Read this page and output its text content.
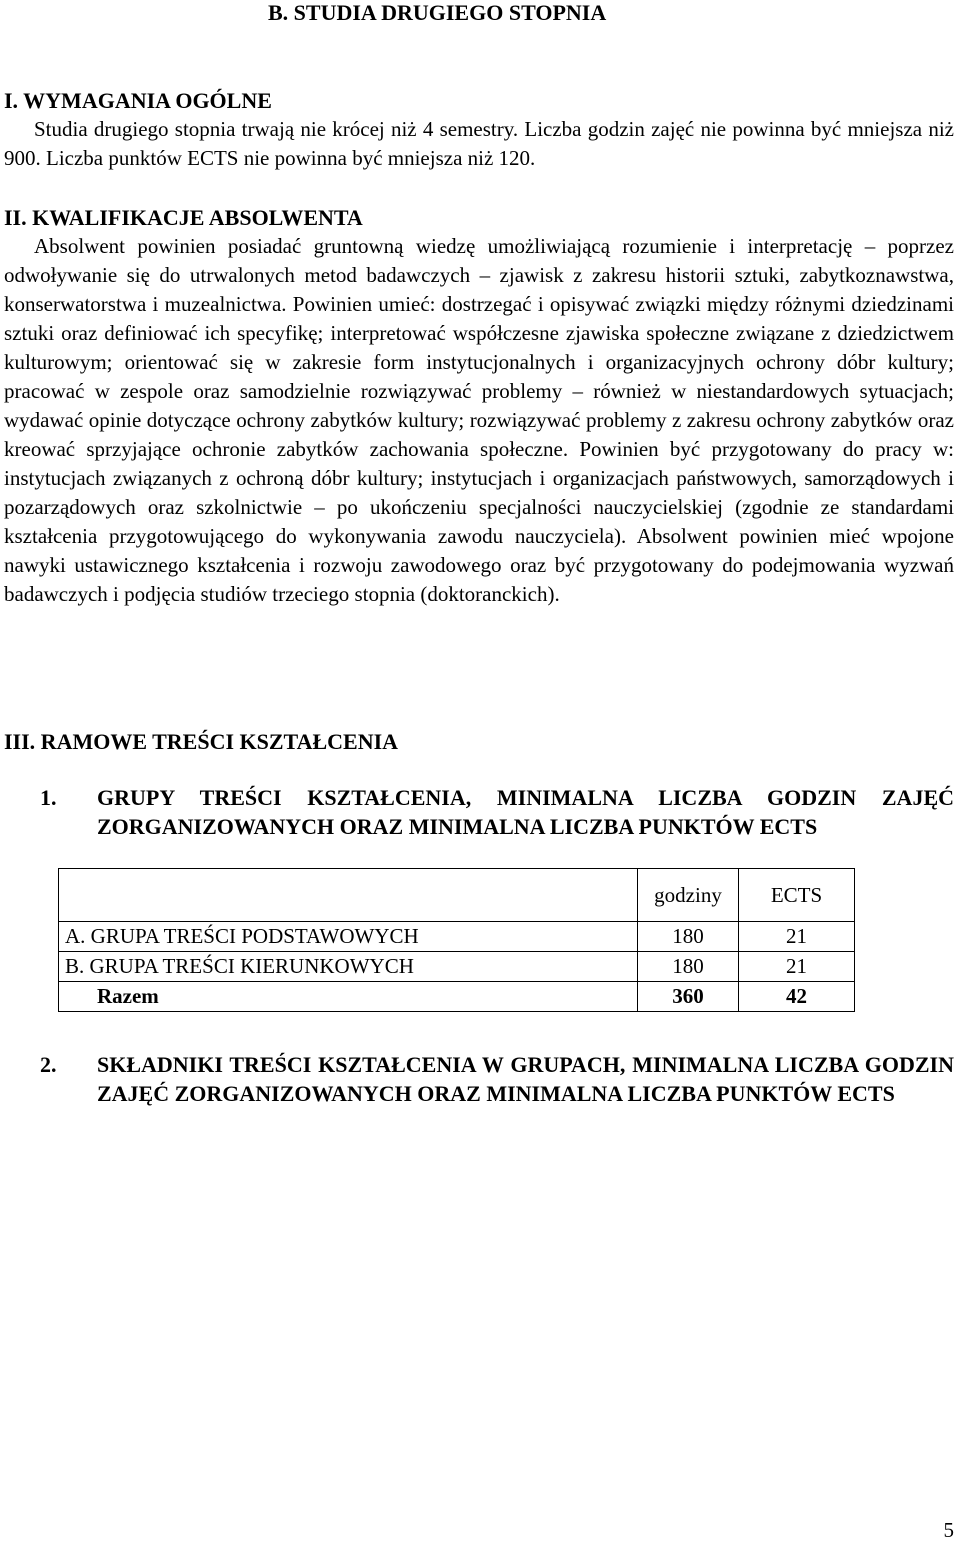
B. STUDIA DRUGIEGO STOPNIA
I. WYMAGANIA OGÓLNE
Studia drugiego stopnia trwają nie krócej niż 4 semestry. Liczba godzin zajęć nie powinna być mniejsza niż 900. Liczba punktów ECTS nie powinna być mniejsza niż 120.
II. KWALIFIKACJE ABSOLWENTA
Absolwent powinien posiadać gruntowną wiedzę umożliwiającą rozumienie i interpretację – poprzez odwoływanie się do utrwalonych metod badawczych – zjawisk z zakresu historii sztuki, zabytkoznawstwa, konserwatorstwa i muzealnictwa. Powinien umieć: dostrzegać i opisywać związki między różnymi dziedzinami sztuki oraz definiować ich specyfikę; interpretować współczesne zjawiska społeczne związane z dziedzictwem kulturowym; orientować się w zakresie form instytucjonalnych i organizacyjnych ochrony dóbr kultury; pracować w zespole oraz samodzielnie rozwiązywać problemy – również w niestandardowych sytuacjach; wydawać opinie dotyczące ochrony zabytków kultury; rozwiązywać problemy z zakresu ochrony zabytków oraz kreować sprzyjające ochronie zabytków zachowania społeczne. Powinien być przygotowany do pracy w: instytucjach związanych z ochroną dóbr kultury; instytucjach i organizacjach państwowych, samorządowych i pozarządowych oraz szkolnictwie – po ukończeniu specjalności nauczycielskiej (zgodnie ze standardami kształcenia przygotowującego do wykonywania zawodu nauczyciela). Absolwent powinien mieć wpojone nawyki ustawicznego kształcenia i rozwoju zawodowego oraz być przygotowany do podejmowania wyzwań badawczych i podjęcia studiów trzeciego stopnia (doktoranckich).
III. RAMOWE TREŚCI KSZTAŁCENIA
1. GRUPY TREŚCI KSZTAŁCENIA, MINIMALNA LICZBA GODZIN ZAJĘĆ ZORGANIZOWANYCH ORAZ MINIMALNA LICZBA PUNKTÓW ECTS
	godziny	ECTS
A. GRUPA TREŚCI PODSTAWOWYCH	180	21
B. GRUPA TREŚCI KIERUNKOWYCH	180	21
Razem	360	42
2. SKŁADNIKI TREŚCI KSZTAŁCENIA W GRUPACH, MINIMALNA LICZBA GODZIN ZAJĘĆ ZORGANIZOWANYCH ORAZ MINIMALNA LICZBA PUNKTÓW ECTS
5
